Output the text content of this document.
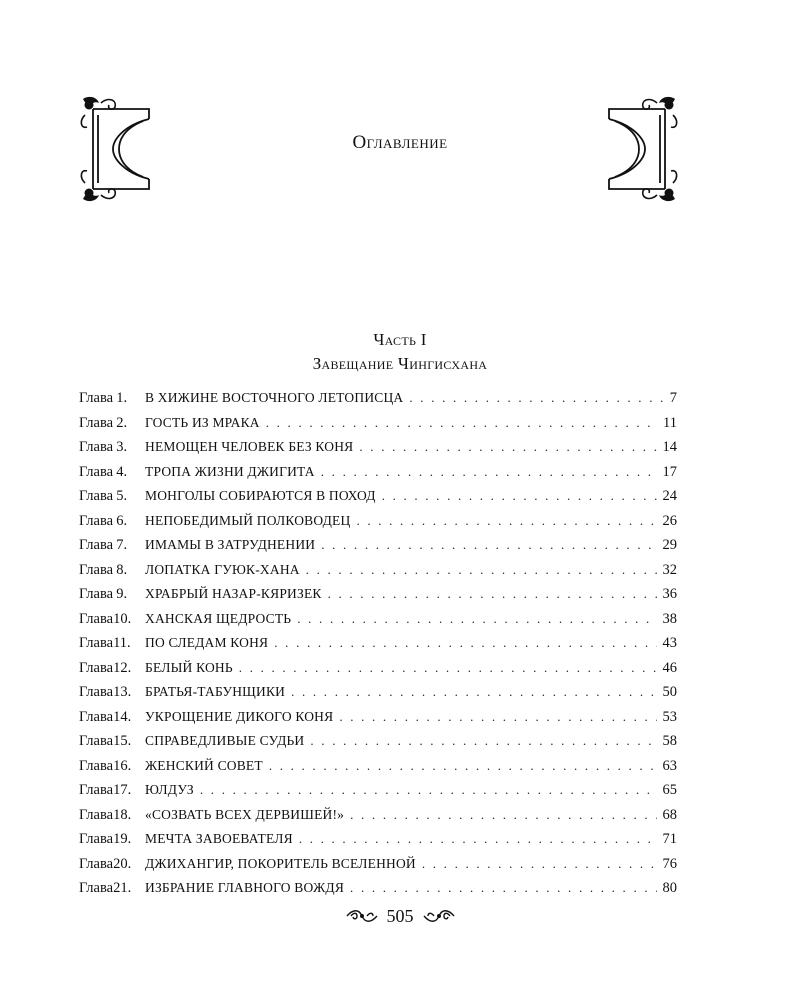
Оглавление
Часть I
Завещание Чингисхана
Глава 1.	В ХИЖИНЕ ВОСТОЧНОГО ЛЕТОПИСЦА . . .	7
Глава 2.	ГОСТЬ ИЗ МРАКА . . .	11
Глава 3.	НЕМОЩЕН ЧЕЛОВЕК БЕЗ КОНЯ . . .	14
Глава 4.	ТРОПА ЖИЗНИ ДЖИГИТА . . .	17
Глава 5.	МОНГОЛЫ СОБИРАЮТСЯ В ПОХОД . . .	24
Глава 6.	НЕПОБЕДИМЫЙ ПОЛКОВОДЕЦ . . .	26
Глава 7.	ИМАМЫ В ЗАТРУДНЕНИИ . . .	29
Глава 8.	ЛОПАТКА ГУЮК-ХАНА . . .	32
Глава 9.	ХРАБРЫЙ НАЗАР-КЯРИЗЕК . . .	36
Глава10.	ХАНСКАЯ ЩЕДРОСТЬ . . .	38
Глава11.	ПО СЛЕДАМ КОНЯ . . .	43
Глава12.	БЕЛЫЙ КОНЬ . . .	46
Глава13.	БРАТЬЯ-ТАБУНЩИКИ . . .	50
Глава14.	УКРОЩЕНИЕ ДИКОГО КОНЯ . . .	53
Глава15.	СПРАВЕДЛИВЫЕ СУДЬИ . . .	58
Глава16.	ЖЕНСКИЙ СОВЕТ . . .	63
Глава17.	ЮЛДУЗ . . .	65
Глава18.	«СОЗВАТЬ ВСЕХ ДЕРВИШЕЙ!» . . .	68
Глава19.	МЕЧТА ЗАВОЕВАТЕЛЯ . . .	71
Глава20.	ДЖИХАНГИР, ПОКОРИТЕЛЬ ВСЕЛЕННОЙ . . .	76
Глава21.	ИЗБРАНИЕ ГЛАВНОГО ВОЖДЯ . . .	80
505
